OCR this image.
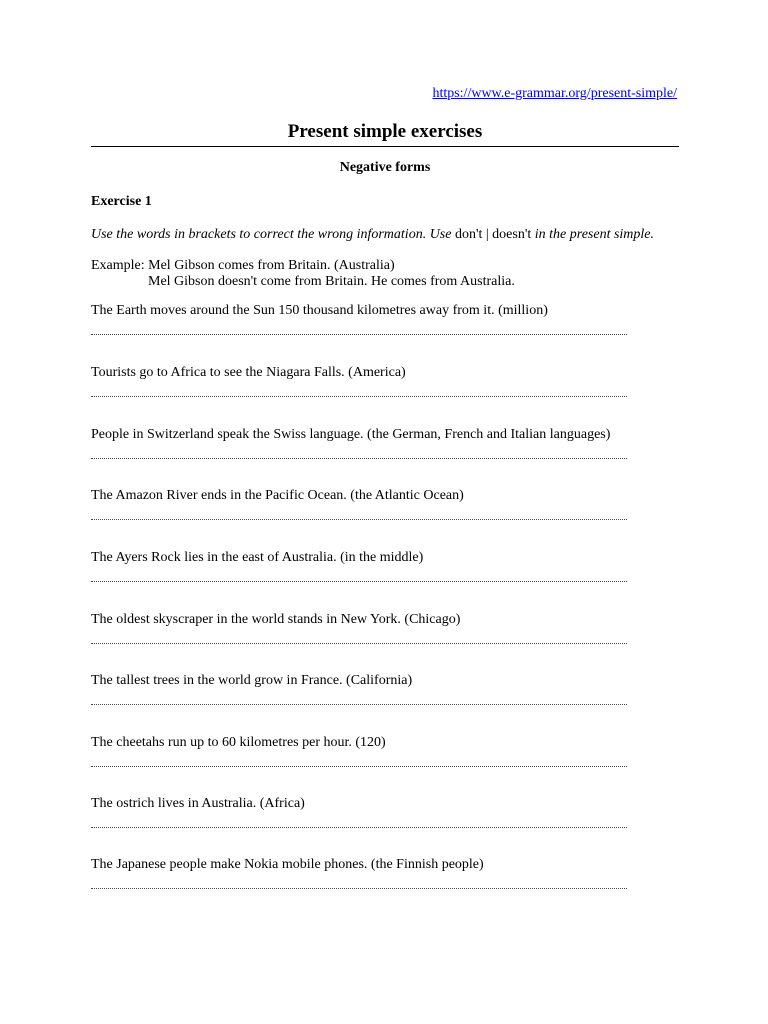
https://www.e-grammar.org/present-simple/
Present simple exercises
Negative forms
Exercise 1
Use the words in brackets to correct the wrong information. Use don't | doesn't in the present simple.
Example: Mel Gibson comes from Britain. (Australia)
Mel Gibson doesn't come from Britain. He comes from Australia.
The Earth moves around the Sun 150 thousand kilometres away from it. (million)
Tourists go to Africa to see the Niagara Falls. (America)
People in Switzerland speak the Swiss language. (the German, French and Italian languages)
The Amazon River ends in the Pacific Ocean. (the Atlantic Ocean)
The Ayers Rock lies in the east of Australia. (in the middle)
The oldest skyscraper in the world stands in New York. (Chicago)
The tallest trees in the world grow in France. (California)
The cheetahs run up to 60 kilometres per hour. (120)
The ostrich lives in Australia. (Africa)
The Japanese people make Nokia mobile phones. (the Finnish people)
